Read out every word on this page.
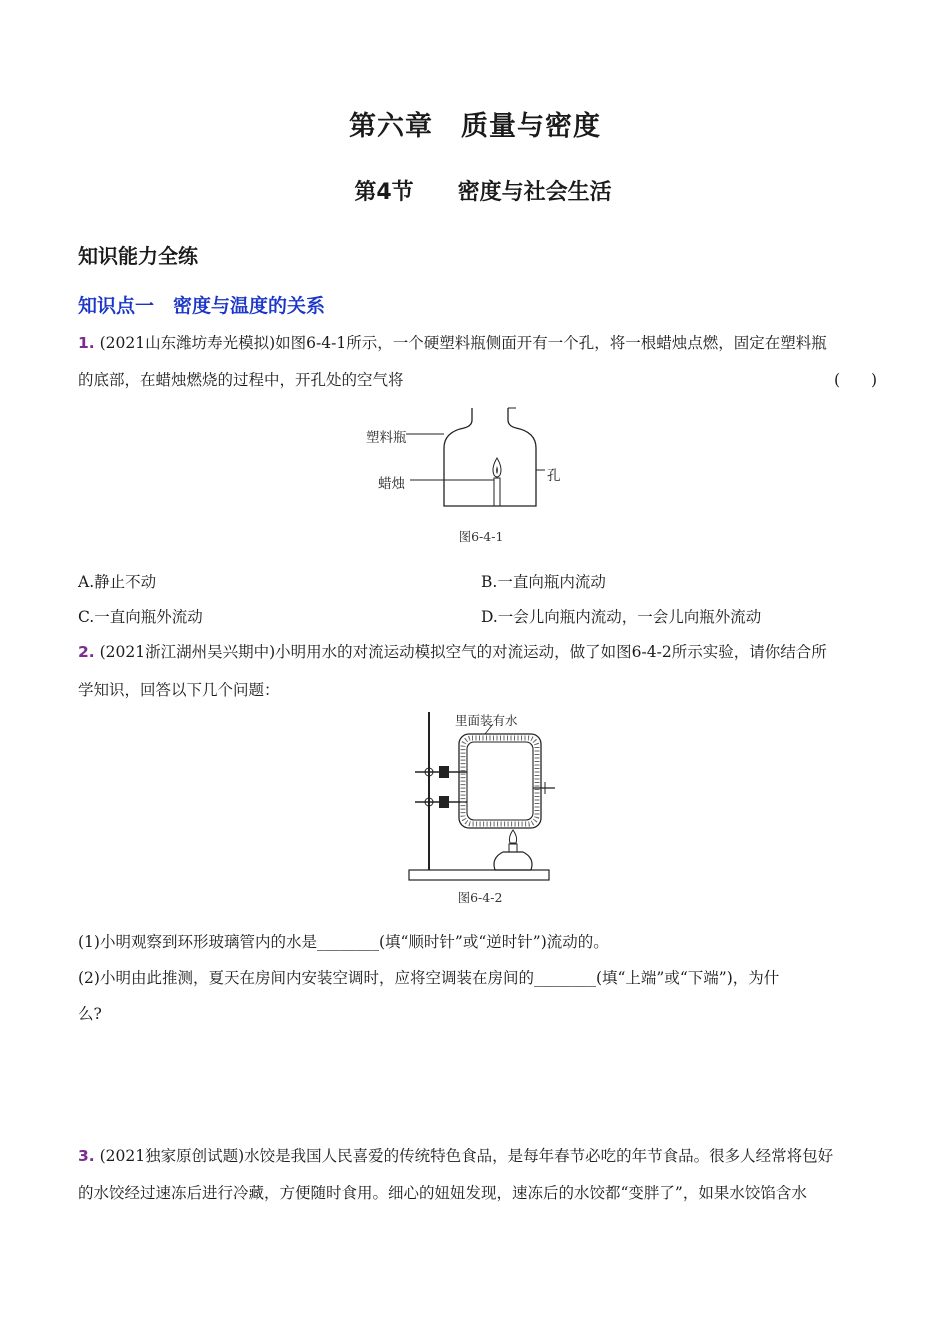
第六章　质量与密度
第4节　　密度与社会生活
知识能力全练
知识点一　密度与温度的关系
1. (2021山东潍坊寿光模拟)如图6-4-1所示，一个硬塑料瓶侧面开有一个孔，将一根蜡烛点燃，固定在塑料瓶
的底部，在蜡烛燃烧的过程中，开孔处的空气将	(　　)
塑料瓶
蜡烛	孔
图6-4-1
A.静止不动	B.一直向瓶内流动
C.一直向瓶外流动	D.一会儿向瓶内流动，一会儿向瓶外流动
2. (2021浙江湖州吴兴期中)小明用水的对流运动模拟空气的对流运动，做了如图6-4-2所示实验，请你结合所
学知识，回答以下几个问题：
里面装有水
图6-4-2
(1)小明观察到环形玻璃管内的水是________(填“顺时针”或“逆时针”)流动的。
(2)小明由此推测，夏天在房间内安装空调时，应将空调装在房间的________(填“上端”或“下端”)，为什
么?
3. (2021独家原创试题)水饺是我国人民喜爱的传统特色食品，是每年春节必吃的年节食品。很多人经常将包好
的水饺经过速冻后进行冷藏，方便随时食用。细心的妞妞发现，速冻后的水饺都“变胖了”，如果水饺馅含水
